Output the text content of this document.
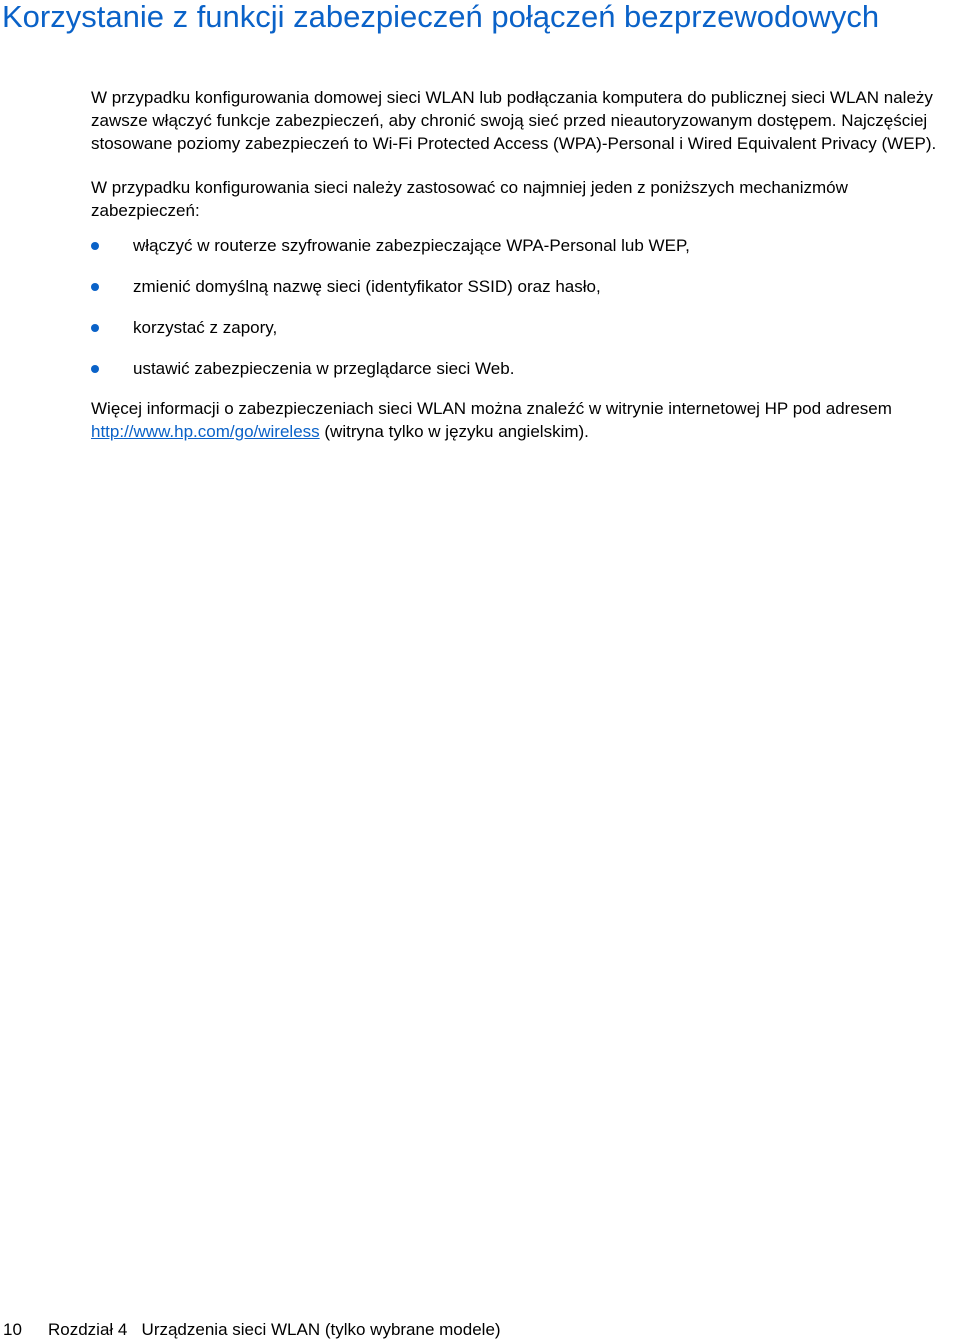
Korzystanie z funkcji zabezpieczeń połączeń bezprzewodowych

W przypadku konfigurowania domowej sieci WLAN lub podłączania komputera do publicznej sieci WLAN należy zawsze włączyć funkcje zabezpieczeń, aby chronić swoją sieć przed nieautoryzowanym dostępem. Najczęściej stosowane poziomy zabezpieczeń to Wi-Fi Protected Access (WPA)-Personal i Wired Equivalent Privacy (WEP).

W przypadku konfigurowania sieci należy zastosować co najmniej jeden z poniższych mechanizmów zabezpieczeń:

włączyć w routerze szyfrowanie zabezpieczające WPA-Personal lub WEP,
zmienić domyślną nazwę sieci (identyfikator SSID) oraz hasło,
korzystać z zapory,
ustawić zabezpieczenia w przeglądarce sieci Web.

Więcej informacji o zabezpieczeniach sieci WLAN można znaleźć w witrynie internetowej HP pod adresem http://www.hp.com/go/wireless (witryna tylko w języku angielskim).

10 Rozdział 4   Urządzenia sieci WLAN (tylko wybrane modele)
